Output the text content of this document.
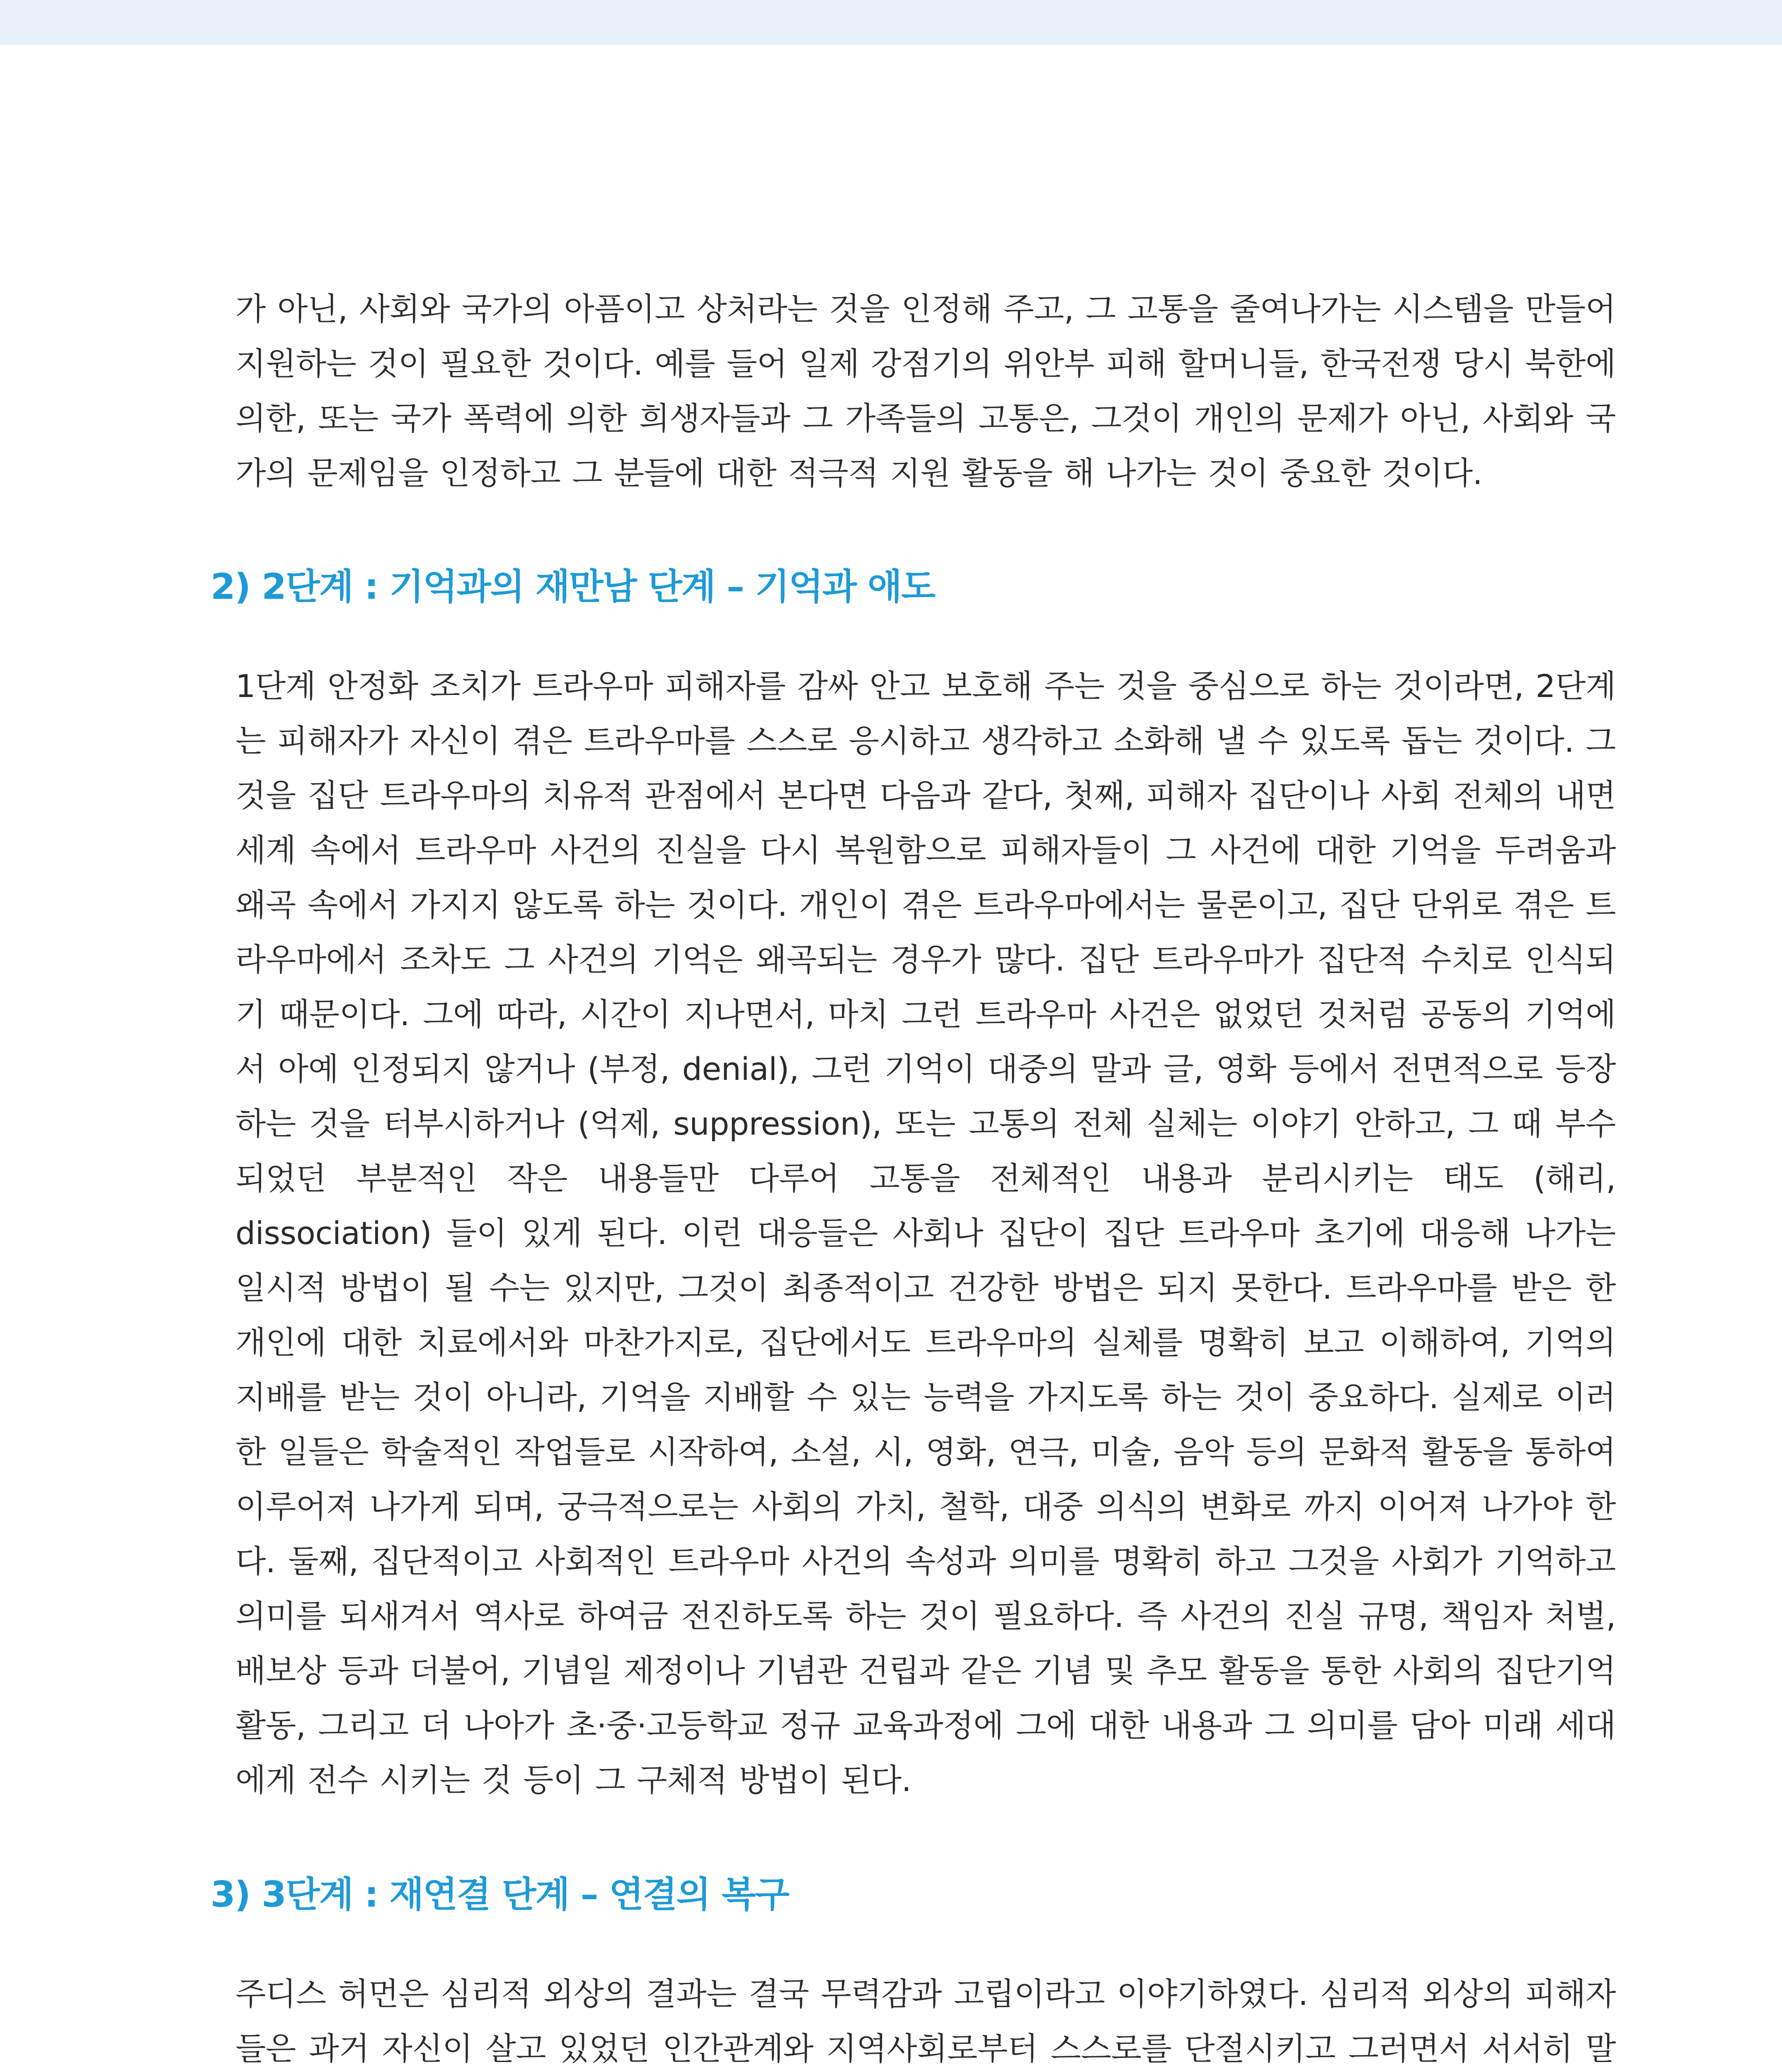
가 아닌, 사회와 국가의 아픔이고 상처라는 것을 인정해 주고, 그 고통을 줄여나가는 시스템을 만들어 지원하는 것이 필요한 것이다. 예를 들어 일제 강점기의 위안부 피해 할머니들, 한국전쟁 당시 북한에 의한, 또는 국가 폭력에 의한 희생자들과 그 가족들의 고통은, 그것이 개인의 문제가 아닌, 사회와 국가의 문제임을 인정하고 그 분들에 대한 적극적 지원 활동을 해 나가는 것이 중요한 것이다.

2) 2단계 : 기억과의 재만남 단계 – 기억과 애도

1단계 안정화 조치가 트라우마 피해자를 감싸 안고 보호해 주는 것을 중심으로 하는 것이라면, 2단계는 피해자가 자신이 겪은 트라우마를 스스로 응시하고 생각하고 소화해 낼 수 있도록 돕는 것이다. 그것을 집단 트라우마의 치유적 관점에서 본다면 다음과 같다, 첫째, 피해자 집단이나 사회 전체의 내면세계 속에서 트라우마 사건의 진실을 다시 복원함으로 피해자들이 그 사건에 대한 기억을 두려움과 왜곡 속에서 가지지 않도록 하는 것이다. 개인이 겪은 트라우마에서는 물론이고, 집단 단위로 겪은 트라우마에서 조차도 그 사건의 기억은 왜곡되는 경우가 많다. 집단 트라우마가 집단적 수치로 인식되기 때문이다. 그에 따라, 시간이 지나면서, 마치 그런 트라우마 사건은 없었던 것처럼 공동의 기억에서 아예 인정되지 않거나 (부정, denial), 그런 기억이 대중의 말과 글, 영화 등에서 전면적으로 등장하는 것을 터부시하거나 (억제, suppression), 또는 고통의 전체 실체는 이야기 안하고, 그 때 부수되었던 부분적인 작은 내용들만 다루어 고통을 전체적인 내용과 분리시키는 태도 (해리, dissociation) 들이 있게 된다. 이런 대응들은 사회나 집단이 집단 트라우마 초기에 대응해 나가는 일시적 방법이 될 수는 있지만, 그것이 최종적이고 건강한 방법은 되지 못한다. 트라우마를 받은 한 개인에 대한 치료에서와 마찬가지로, 집단에서도 트라우마의 실체를 명확히 보고 이해하여, 기억의 지배를 받는 것이 아니라, 기억을 지배할 수 있는 능력을 가지도록 하는 것이 중요하다. 실제로 이러한 일들은 학술적인 작업들로 시작하여, 소설, 시, 영화, 연극, 미술, 음악 등의 문화적 활동을 통하여 이루어져 나가게 되며, 궁극적으로는 사회의 가치, 철학, 대중 의식의 변화로 까지 이어져 나가야 한다. 둘째, 집단적이고 사회적인 트라우마 사건의 속성과 의미를 명확히 하고 그것을 사회가 기억하고 의미를 되새겨서 역사로 하여금 전진하도록 하는 것이 필요하다. 즉 사건의 진실 규명, 책임자 처벌, 배보상 등과 더불어, 기념일 제정이나 기념관 건립과 같은 기념 및 추모 활동을 통한 사회의 집단기억 활동, 그리고 더 나아가 초·중·고등학교 정규 교육과정에 그에 대한 내용과 그 의미를 담아 미래 세대에게 전수 시키는 것 등이 그 구체적 방법이 된다.

3) 3단계 : 재연결 단계 – 연결의 복구

주디스 허먼은 심리적 외상의 결과는 결국 무력감과 고립이라고 이야기하였다. 심리적 외상의 피해자들은 과거 자신이 살고 있었던 인간관계와 지역사회로부터 스스로를 단절시키고 그러면서 서서히 말
